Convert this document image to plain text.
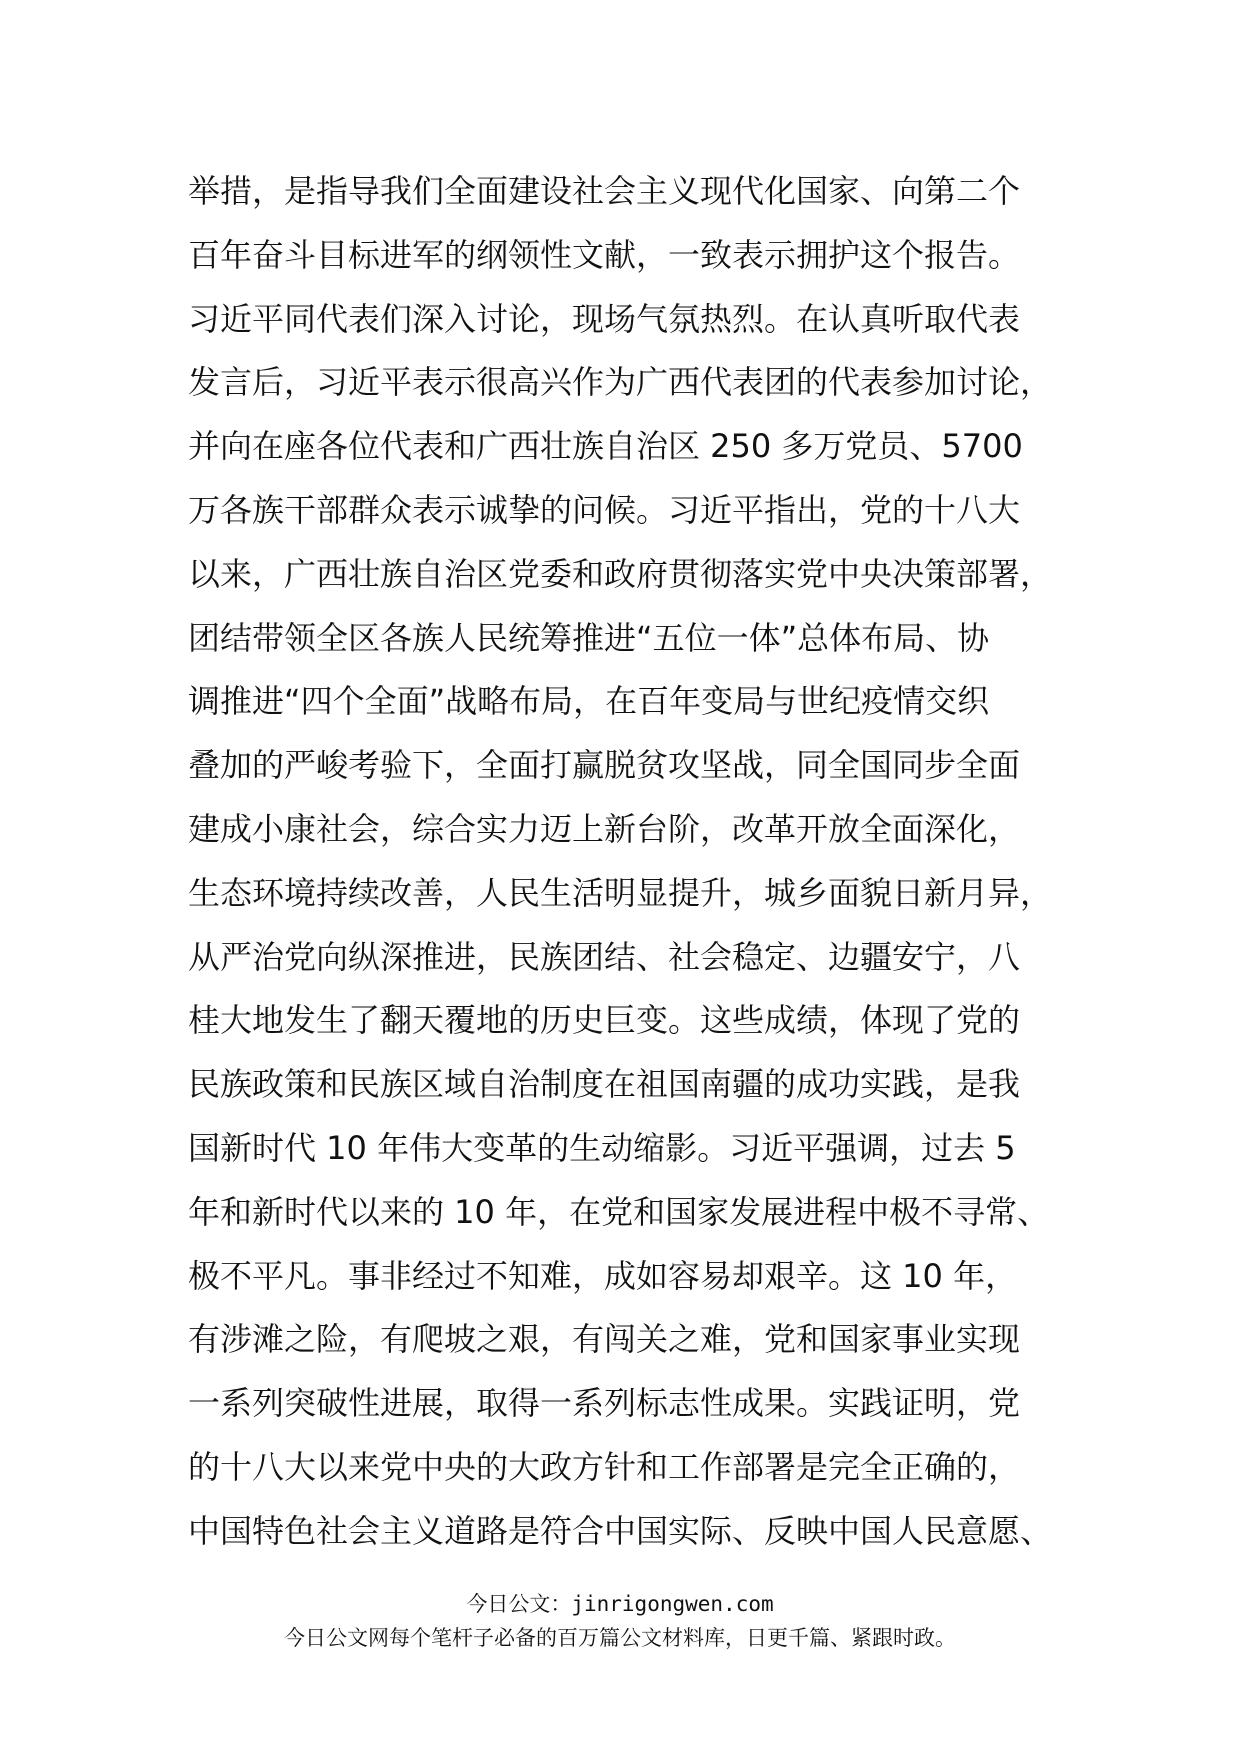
举措，是指导我们全面建设社会主义现代化国家、向第二个
百年奋斗目标进军的纲领性文献，一致表示拥护这个报告。
习近平同代表们深入讨论，现场气氛热烈。在认真听取代表
发言后，习近平表示很高兴作为广西代表团的代表参加讨论，
并向在座各位代表和广西壮族自治区 250 多万党员、5700
万各族干部群众表示诚挚的问候。习近平指出，党的十八大
以来，广西壮族自治区党委和政府贯彻落实党中央决策部署，
团结带领全区各族人民统筹推进“五位一体”总体布局、协
调推进“四个全面”战略布局，在百年变局与世纪疫情交织
叠加的严峻考验下，全面打赢脱贫攻坚战，同全国同步全面
建成小康社会，综合实力迈上新台阶，改革开放全面深化，
生态环境持续改善，人民生活明显提升，城乡面貌日新月异，
从严治党向纵深推进，民族团结、社会稳定、边疆安宁，八
桂大地发生了翻天覆地的历史巨变。这些成绩，体现了党的
民族政策和民族区域自治制度在祖国南疆的成功实践，是我
国新时代 10 年伟大变革的生动缩影。习近平强调，过去 5
年和新时代以来的 10 年，在党和国家发展进程中极不寻常、
极不平凡。事非经过不知难，成如容易却艰辛。这 10 年，
有涉滩之险，有爬坡之艰，有闯关之难，党和国家事业实现
一系列突破性进展，取得一系列标志性成果。实践证明，党
的十八大以来党中央的大政方针和工作部署是完全正确的，
中国特色社会主义道路是符合中国实际、反映中国人民意愿、
今日公文：jinrigongwen.com
今日公文网每个笔杆子必备的百万篇公文材料库，日更千篇、紧跟时政。
